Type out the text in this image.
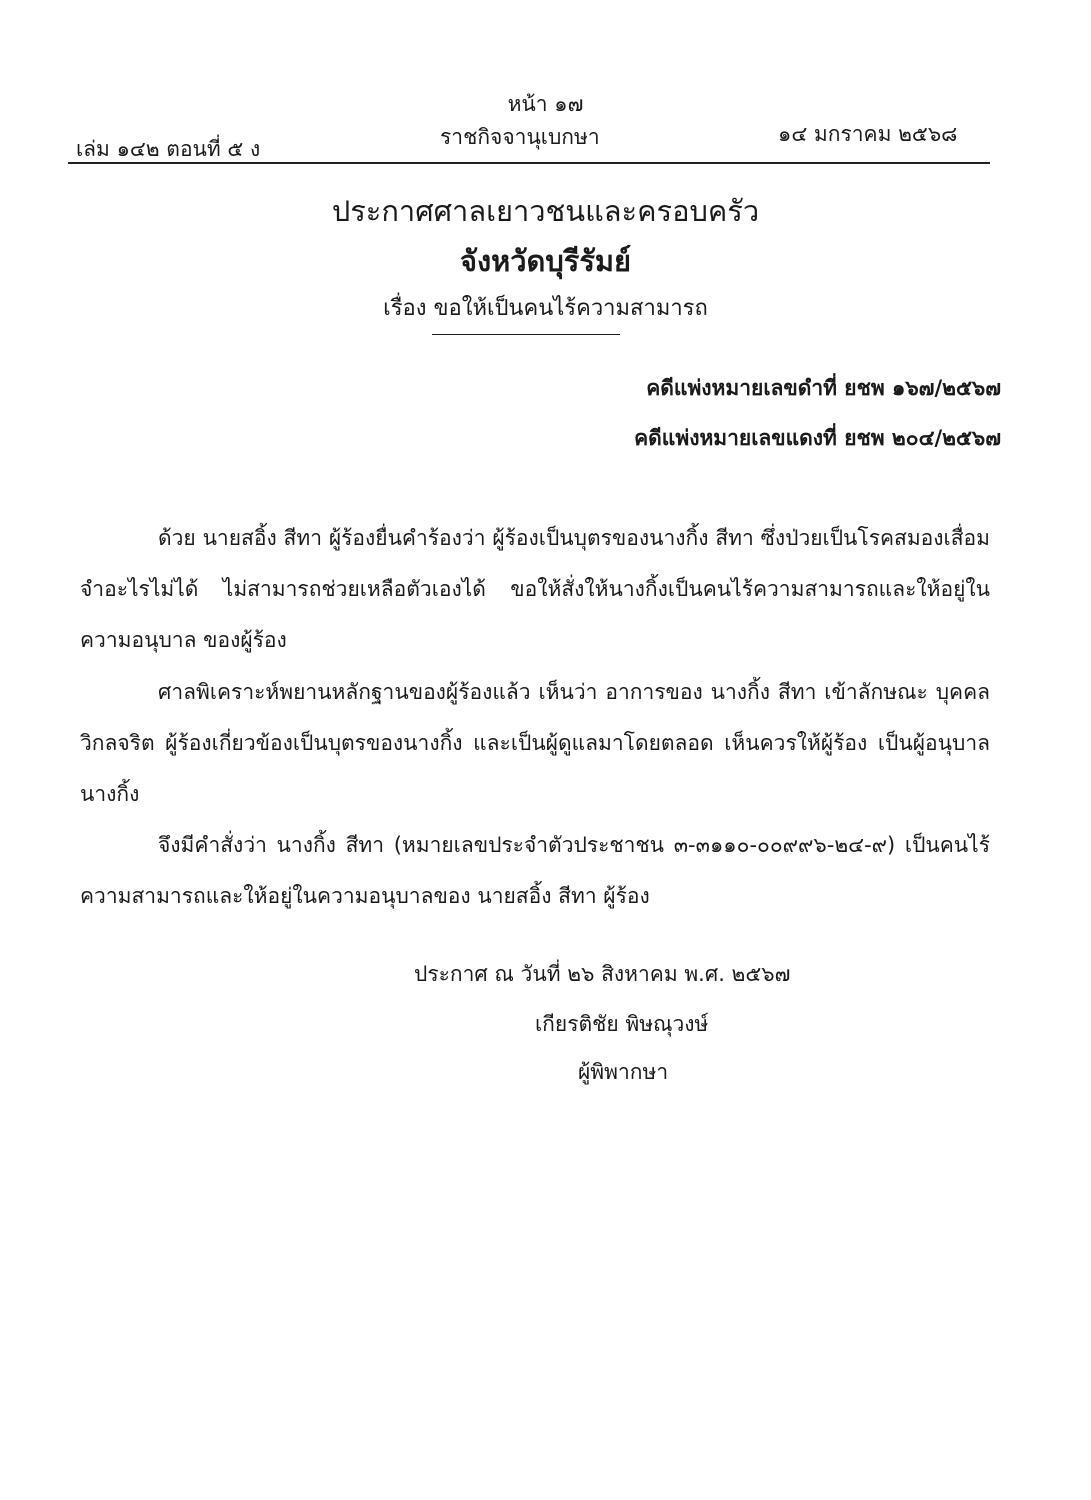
หน้า ๑๗
เล่ม ๑๔๒ ตอนที่ ๕ ง	ราชกิจจานุเบกษา	๑๔ มกราคม ๒๕๖๘
ประกาศศาลเยาวชนและครอบครัว
จังหวัดบุรีรัมย์
เรื่อง ขอให้เป็นคนไร้ความสามารถ
คดีแพ่งหมายเลขดำที่ ยชพ ๑๖๗/๒๕๖๗
คดีแพ่งหมายเลขแดงที่ ยชพ ๒๐๔/๒๕๖๗
ด้วย นายสอิ้ง สีทา ผู้ร้องยื่นคำร้องว่า ผู้ร้องเป็นบุตรของนางกิ้ง สีทา ซึ่งป่วยเป็นโรคสมองเสื่อม จำอะไรไม่ได้ ไม่สามารถช่วยเหลือตัวเองได้ ขอให้สั่งให้นางกิ้งเป็นคนไร้ความสามารถและให้อยู่ในความอนุบาล ของผู้ร้อง
ศาลพิเคราะห์พยานหลักฐานของผู้ร้องแล้ว เห็นว่า อาการของ นางกิ้ง สีทา เข้าลักษณะ บุคคลวิกลจริต ผู้ร้องเกี่ยวข้องเป็นบุตรของนางกิ้ง และเป็นผู้ดูแลมาโดยตลอด เห็นควรให้ผู้ร้อง เป็นผู้อนุบาลนางกิ้ง
จึงมีคำสั่งว่า นางกิ้ง สีทา (หมายเลขประจำตัวประชาชน ๓-๓๑๑๐-๐๐๙๙๖-๒๔-๙) เป็นคนไร้ความสามารถและให้อยู่ในความอนุบาลของ นายสอิ้ง สีทา ผู้ร้อง
ประกาศ ณ วันที่ ๒๖ สิงหาคม พ.ศ. ๒๕๖๗
เกียรติชัย พิษณุวงษ์
ผู้พิพากษา
